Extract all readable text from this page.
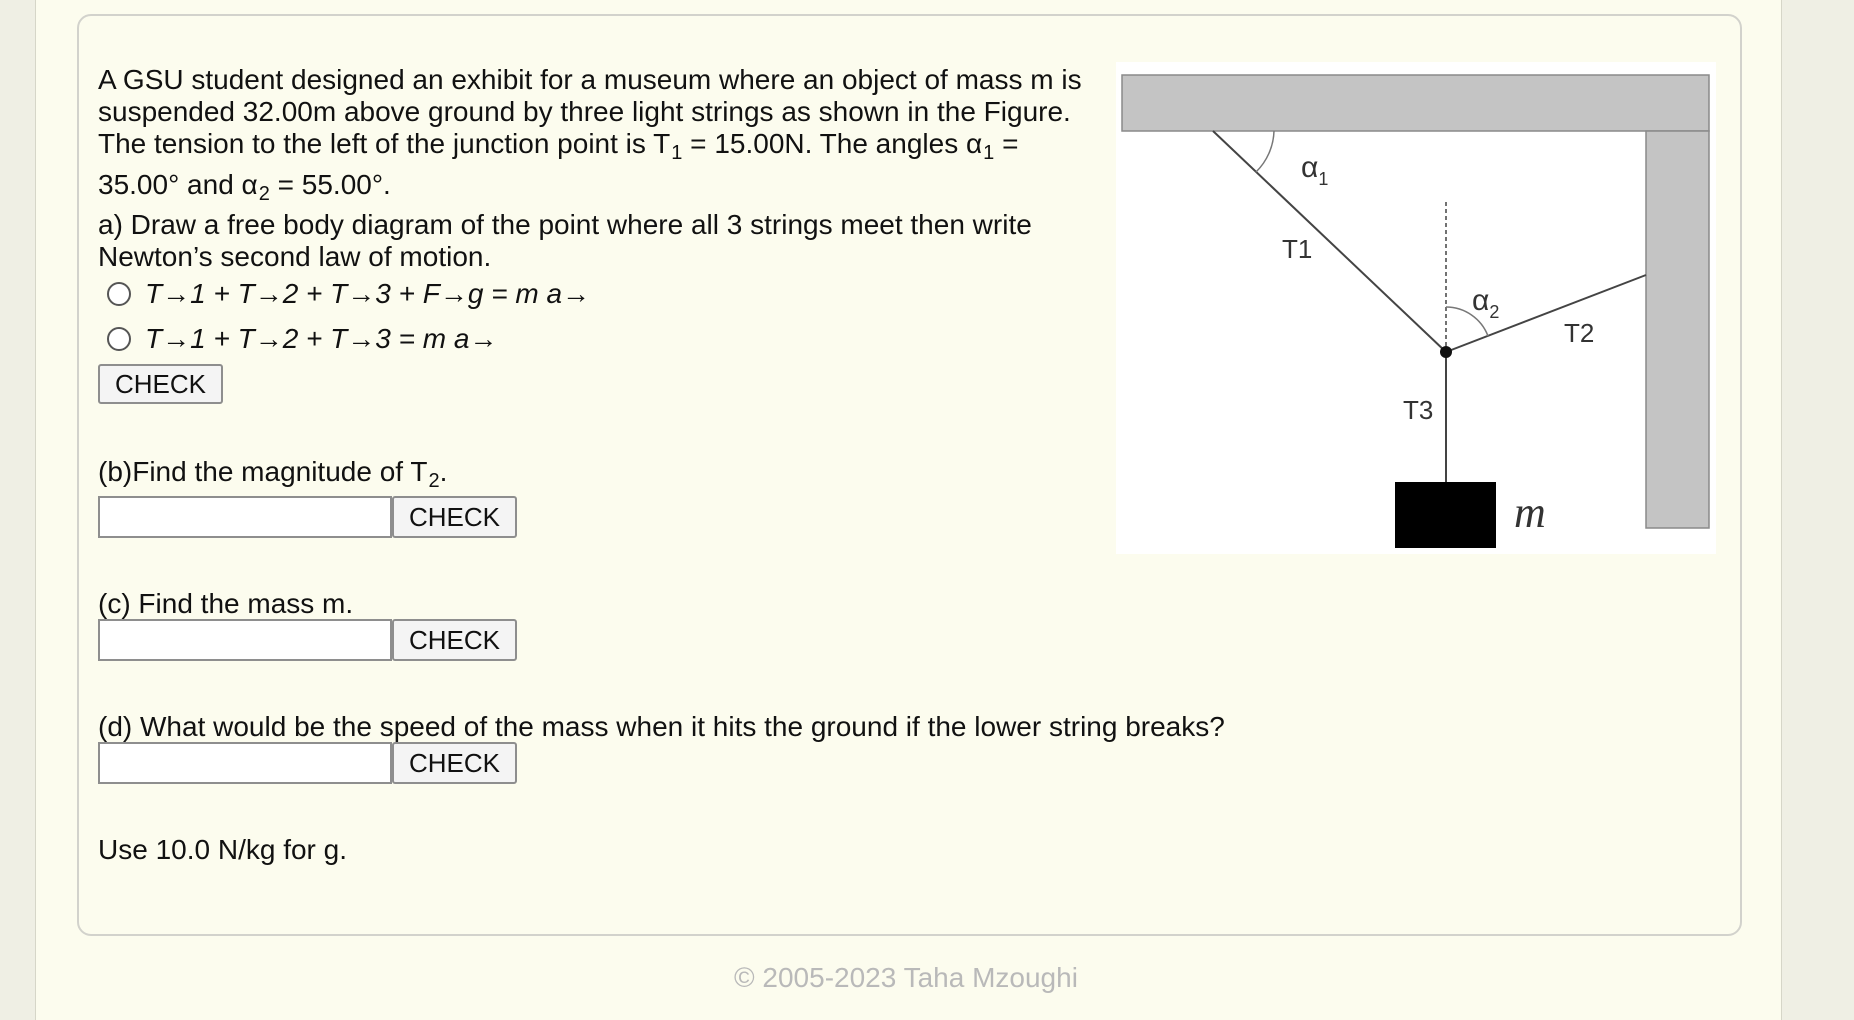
A GSU student designed an exhibit for a museum where an object of mass m is
suspended 32.00m above ground by three light strings as shown in the Figure.
The tension to the left of the junction point is $T_1 = 15.00N$. The angles $\alpha_1$ =
35.00° and $\alpha_2 = 55.00^\circ$.
a) Draw a free body diagram of the point where all 3 strings meet then write
Newton’s second law of motion.
T→1 + T→2 + T→3 + F→g = m a→
T→1 + T→2 + T→3 = m a→
CHECK
(b)Find the magnitude of $T_2$.
CHECK
(c) Find the mass m.
CHECK
(d) What would be the speed of the mass when it hits the ground if the lower string breaks?
CHECK
Use 10.0 N/kg for g.
© 2005-2023 Taha Mzoughi
$\alpha_1$
$\alpha_2$
T1
T2
T3
m
